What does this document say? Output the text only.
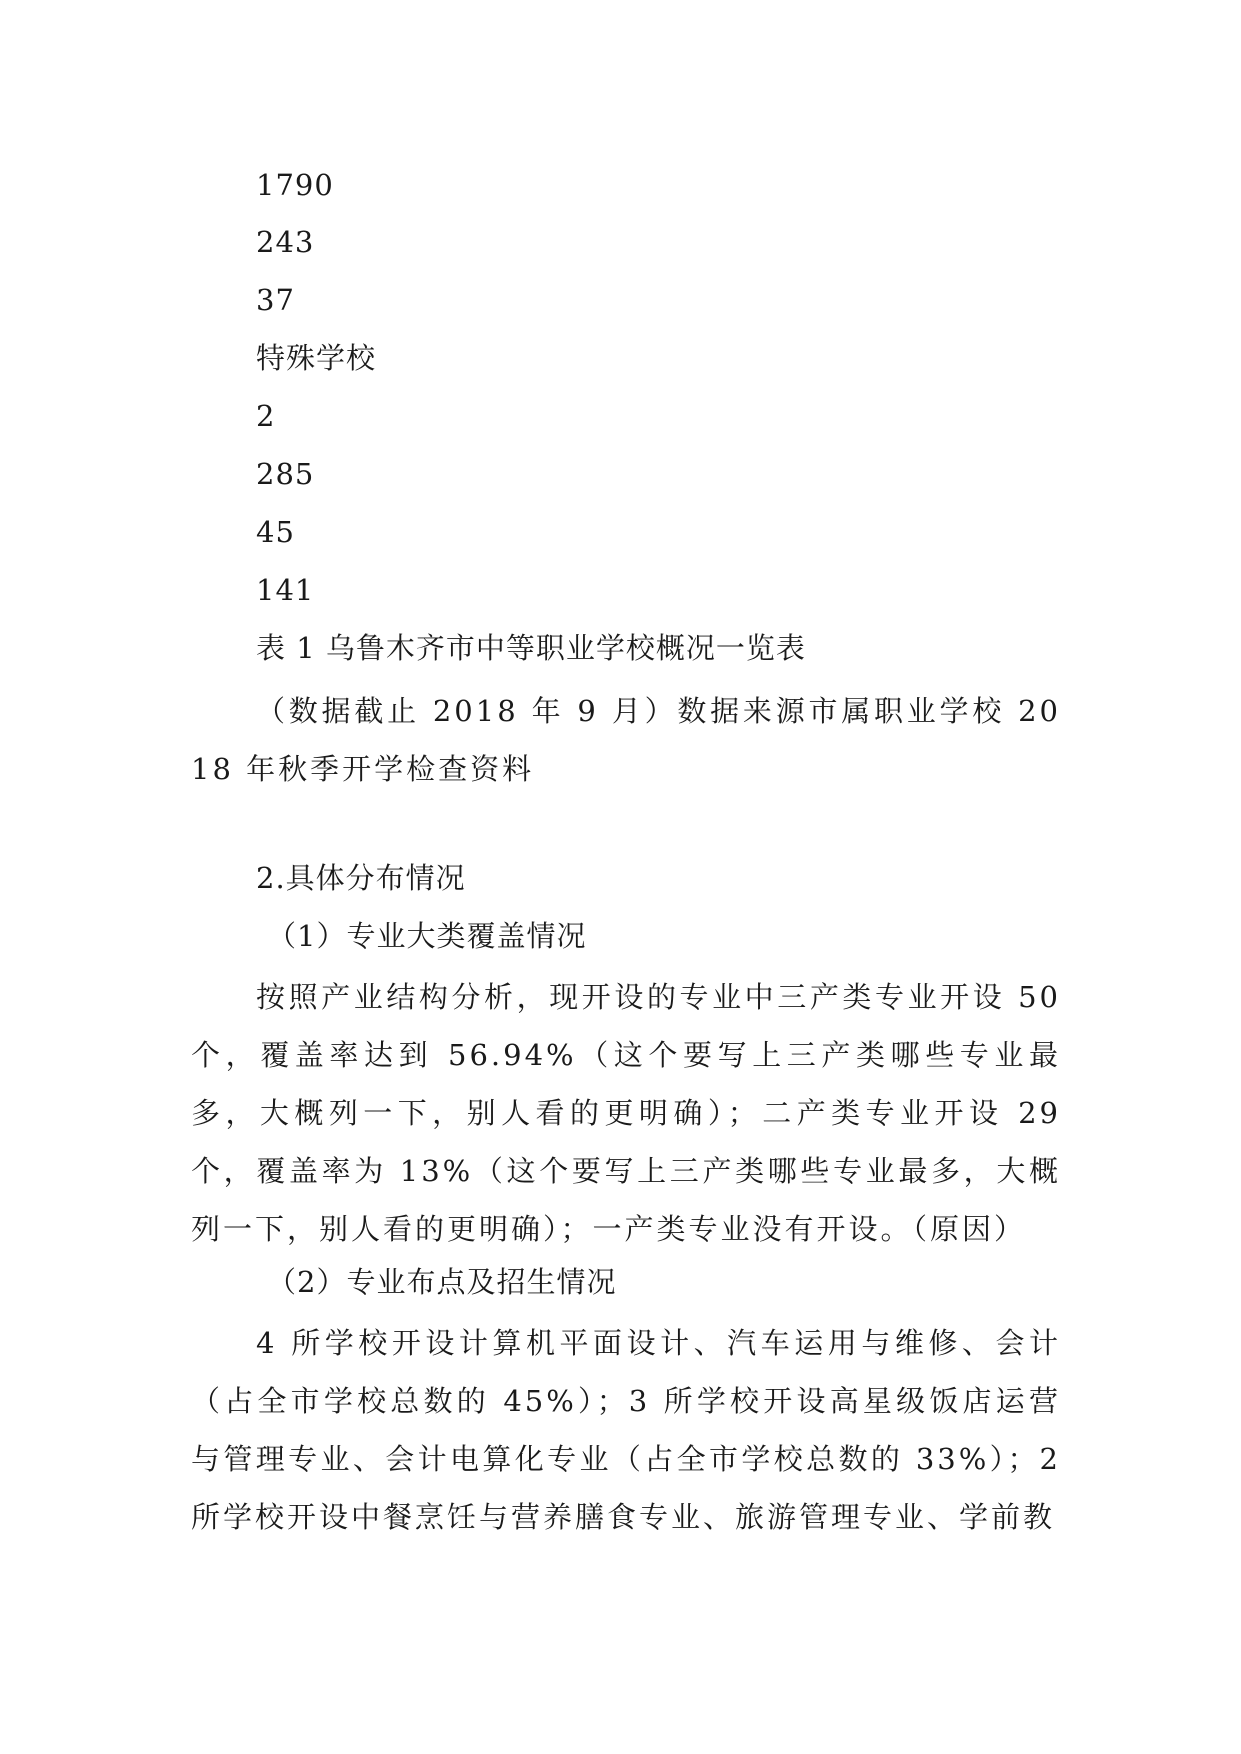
1790
243
37
特殊学校
2
285
45
141
表 1 乌鲁木齐市中等职业学校概况一览表
（数据截止 2018 年 9 月）数据来源市属职业学校 2018 年秋季开学检查资料
2.具体分布情况
（1）专业大类覆盖情况
按照产业结构分析，现开设的专业中三产类专业开设 50 个，覆盖率达到 56.94%（这个要写上三产类哪些专业最多，大概列一下，别人看的更明确）；二产类专业开设 29 个，覆盖率为 13%（这个要写上三产类哪些专业最多，大概列一下，别人看的更明确）；一产类专业没有开设。（原因）
（2）专业布点及招生情况
4 所学校开设计算机平面设计、汽车运用与维修、会计（占全市学校总数的 45%）；3 所学校开设高星级饭店运营与管理专业、会计电算化专业（占全市学校总数的 33%）；2 所学校开设中餐烹饪与营养膳食专业、旅游管理专业、学前教
